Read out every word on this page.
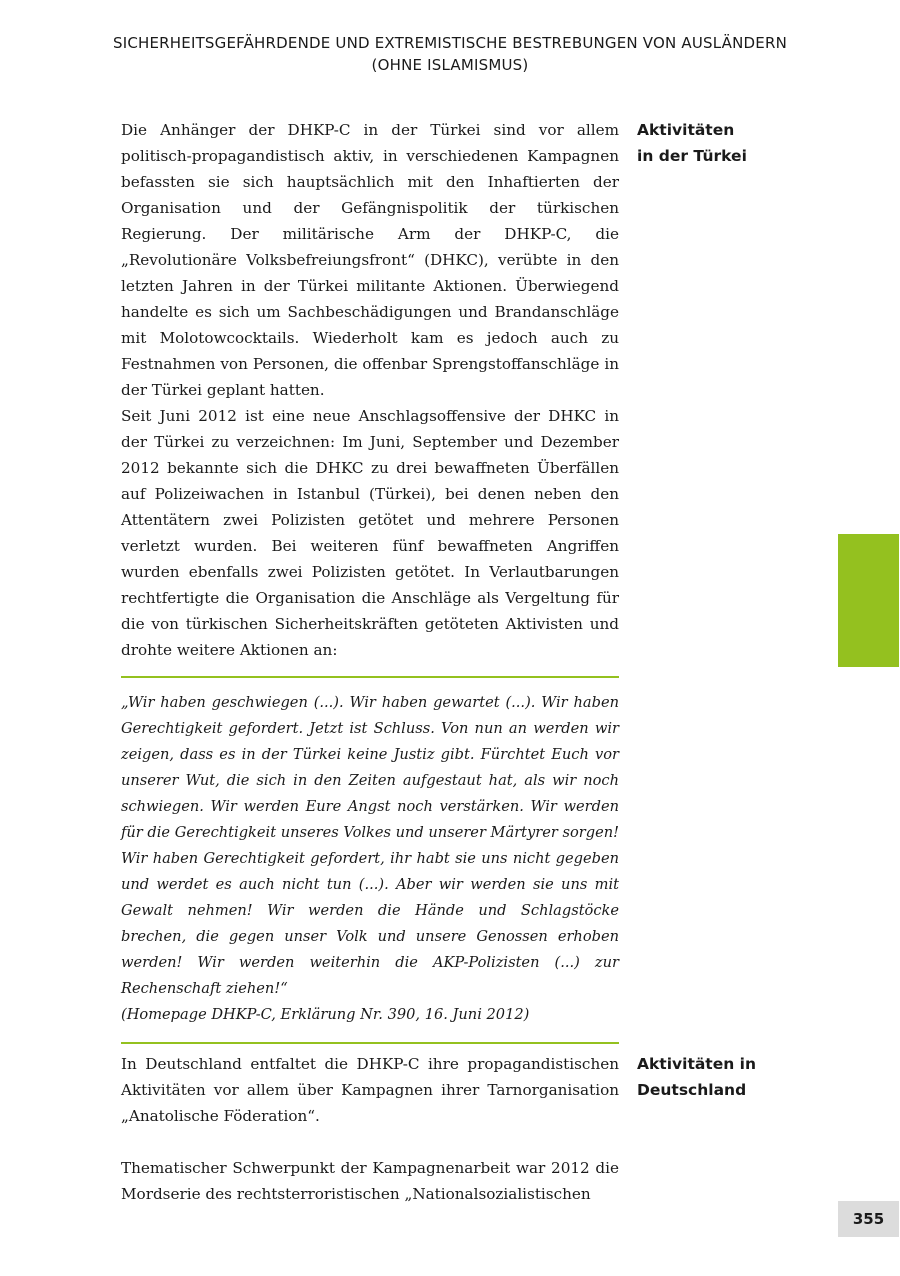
SICHERHEITSGEFÄHRDENDE UND EXTREMISTISCHE BESTREBUNGEN VON AUSLÄNDERN
(OHNE ISLAMISMUS)

Die Anhänger der DHKP-C in der Türkei sind vor allem politisch-propagandistisch aktiv, in verschiedenen Kampagnen befassten sie sich hauptsächlich mit den Inhaftierten der Organisation und der Gefängnispolitik der türkischen Regierung. Der militärische Arm der DHKP-C, die „Revolutionäre Volksbefreiungsfront“ (DHKC), verübte in den letzten Jahren in der Türkei militante Aktionen. Überwiegend handelte es sich um Sachbeschädigungen und Brandanschläge mit Molotowcocktails. Wiederholt kam es jedoch auch zu Festnahmen von Personen, die offenbar Sprengstoffanschläge in der Türkei geplant hatten.

Aktivitäten
in der Türkei

Seit Juni 2012 ist eine neue Anschlagsoffensive der DHKC in der Türkei zu verzeichnen: Im Juni, September und Dezember 2012 bekannte sich die DHKC zu drei bewaffneten Überfällen auf Polizeiwachen in Istanbul (Türkei), bei denen neben den Attentätern zwei Polizisten getötet und mehrere Personen verletzt wurden. Bei weiteren fünf bewaffneten Angriffen wurden ebenfalls zwei Polizisten getötet. In Verlautbarungen rechtfertigte die Organisation die Anschläge als Vergeltung für die von türkischen Sicherheitskräften getöteten Aktivisten und drohte weitere Aktionen an:

„Wir haben geschwiegen (...). Wir haben gewartet (...). Wir haben Gerechtigkeit gefordert. Jetzt ist Schluss. Von nun an werden wir zeigen, dass es in der Türkei keine Justiz gibt. Fürchtet Euch vor unserer Wut, die sich in den Zeiten aufgestaut hat, als wir noch schwiegen. Wir werden Eure Angst noch verstärken. Wir werden für die Gerechtigkeit unseres Volkes und unserer Märtyrer sorgen! Wir haben Gerechtigkeit gefordert, ihr habt sie uns nicht gegeben und werdet es auch nicht tun (...). Aber wir werden sie uns mit Gewalt nehmen! Wir werden die Hände und Schlagstöcke brechen, die gegen unser Volk und unsere Genossen erhoben werden! Wir werden weiterhin die AKP-Polizisten (...) zur Rechenschaft ziehen!“

(Homepage DHKP-C, Erklärung Nr. 390, 16. Juni 2012)

In Deutschland entfaltet die DHKP-C ihre propagandistischen Aktivitäten vor allem über Kampagnen ihrer Tarnorganisation „Anatolische Föderation“.

Aktivitäten in
Deutschland

Thematischer Schwerpunkt der Kampagnenarbeit war 2012 die Mordserie des rechtsterroristischen „Nationalsozialistischen

355
